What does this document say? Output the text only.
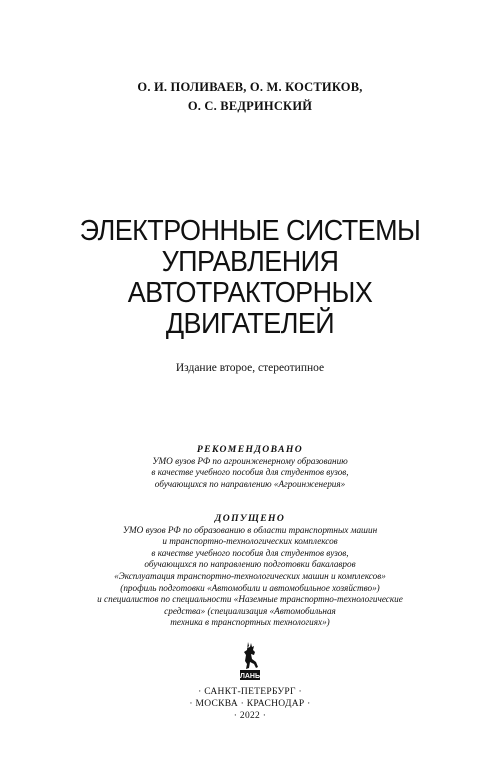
О. И. ПОЛИВАЕВ, О. М. КОСТИКОВ,
О. С. ВЕДРИНСКИЙ
ЭЛЕКТРОННЫЕ СИСТЕМЫ
УПРАВЛЕНИЯ
АВТОТРАКТОРНЫХ
ДВИГАТЕЛЕЙ
Издание второе, стереотипное
РЕКОМЕНДОВАНО
УМО вузов РФ по агроинженерному образованию
в качестве учебного пособия для студентов вузов,
обучающихся по направлению «Агроинженерия»
ДОПУЩЕНО
УМО вузов РФ по образованию в области транспортных машин
и транспортно-технологических комплексов
в качестве учебного пособия для студентов вузов,
обучающихся по направлению подготовки бакалавров
«Эксплуатация транспортно-технологических машин и комплексов»
(профиль подготовки «Автомобили и автомобильное хозяйство»)
и специалистов по специальности «Наземные транспортно-технологические
средства» (специализация «Автомобильная
техника в транспортных технологиях»)
ЛАНЬ
· САНКТ-ПЕТЕРБУРГ ·
· МОСКВА · КРАСНОДАР ·
· 2022 ·
